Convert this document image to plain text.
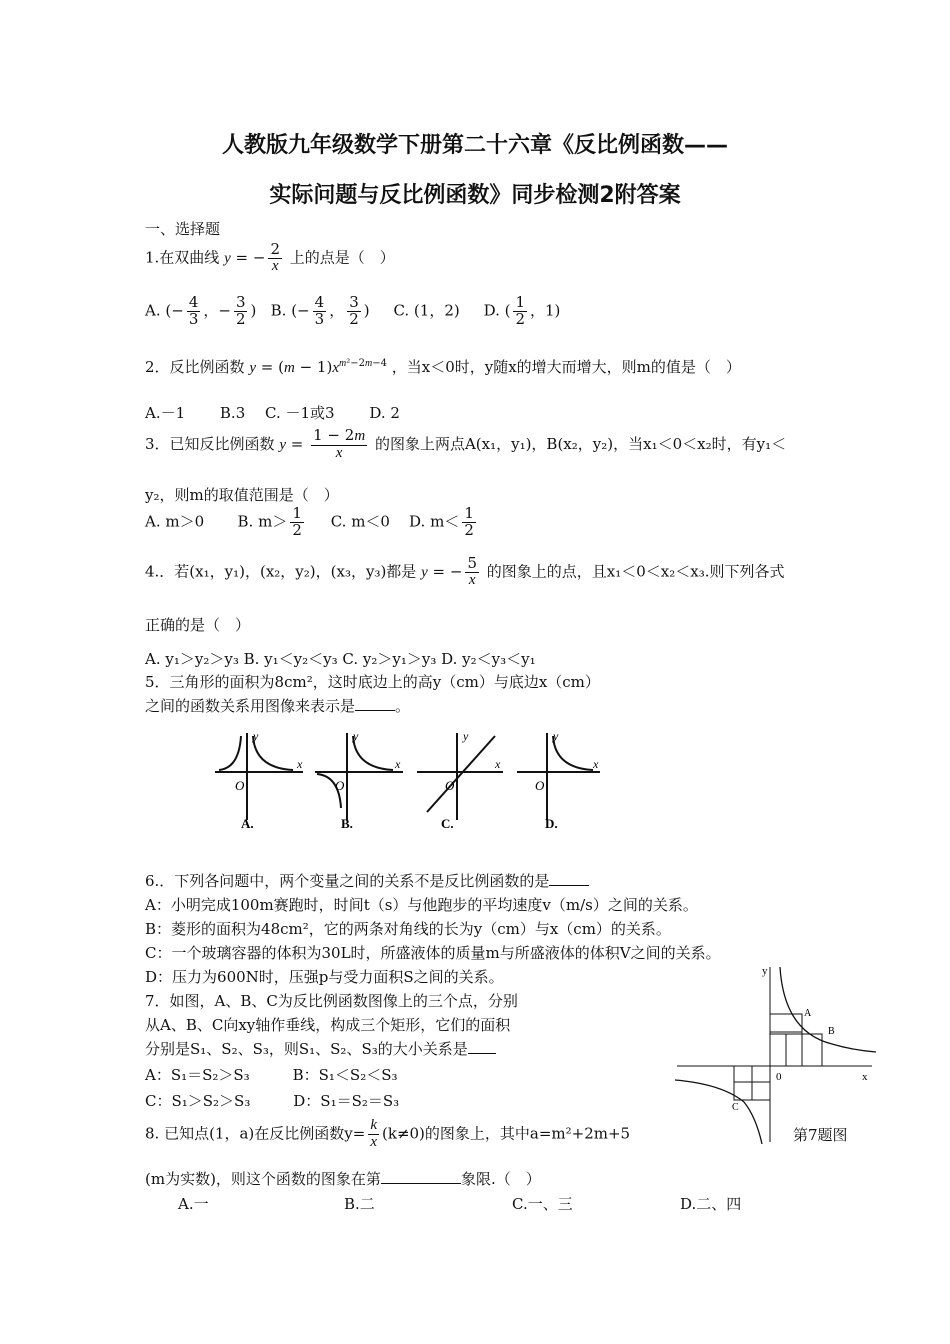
人教版九年级数学下册第二十六章《反比例函数——
实际问题与反比例函数》同步检测2附答案
一、选择题
1.在双曲线 y = − $\frac{2}{x}$ 上的点是（　）
A. (− $\frac{4}{3}$ ，− $\frac{3}{2}$ )   B. (− $\frac{4}{3}$ ， $\frac{3}{2}$ )     C. (1，2) D. ( $\frac{1}{2}$ ，1)
2．反比例函数 $y = (m - 1)x^{m^2-2m-4}$ ，当x＜0时，y随x的增大而增大，则m的值是（　）
A.－1　　 B.3　 C. －1或3　　 D. 2
3．已知反比例函数 $y = \frac{1 - 2m}{x}$ 的图象上两点A(x₁，y₁)，B(x₂，y₂)，当x₁＜0＜x₂时，有y₁＜
y₂，则m的取值范围是（　）
A. m＞0 B. $m> \frac{1}{2} C$. m＜0 D. $m< \frac{1}{2}$
4.．若(x₁，y₁)，(x₂，y₂)，(x₃，y₃)都是 y = − $\frac{5}{x}$ 的图象上的点，且x₁＜0＜x₂＜x₃.则下列各式
正确的是（　）
A. y₁＞y₂＞y₃ B. y₁＜y₂＜y₃ C. y₂＞y₁＞y₃ D. y₂＜y₃＜y₁
5．三角形的面积为8cm²，这时底边上的高y（cm）与底边x（cm）
之间的函数关系用图像来表示是	。
O
y
x
A.
O
y
x
B.
O
y
x
C.
O
y
x
D.
6.．下列各问题中，两个变量之间的关系不是反比例函数的是
A：小明完成100m赛跑时，时间t（s）与他跑步的平均速度v（m/s）之间的关系。
B：菱形的面积为48cm²，它的两条对角线的长为y（cm）与x（cm）的关系。
C：一个玻璃容器的体积为30L时，所盛液体的质量m与所盛液体的体积V之间的关系。
D：压力为600N时，压强p与受力面积S之间的关系。
7．如图，A、B、C为反比例函数图像上的三个点，分别
从A、B、C向xy轴作垂线，构成三个矩形，它们的面积
分别是S₁、S₂、S₃，则S₁、S₂、S₃的大小关系是
A：S₁＝S₂＞S₃	B：S₁＜S₂＜S₃
C：S₁＞S₂＞S₃	D：S₁＝S₂＝S₃
y
x
0
A
B
C
第7题图
8. 已知点(1，a)在反比例函数$y= \frac{k}{x} (k\ne 0)$的图象上，其中a=m²+2m+5
(m为实数)，则这个函数的图象在第	象限.（　）
A.一	B.二	C.一、三	D.二、四
